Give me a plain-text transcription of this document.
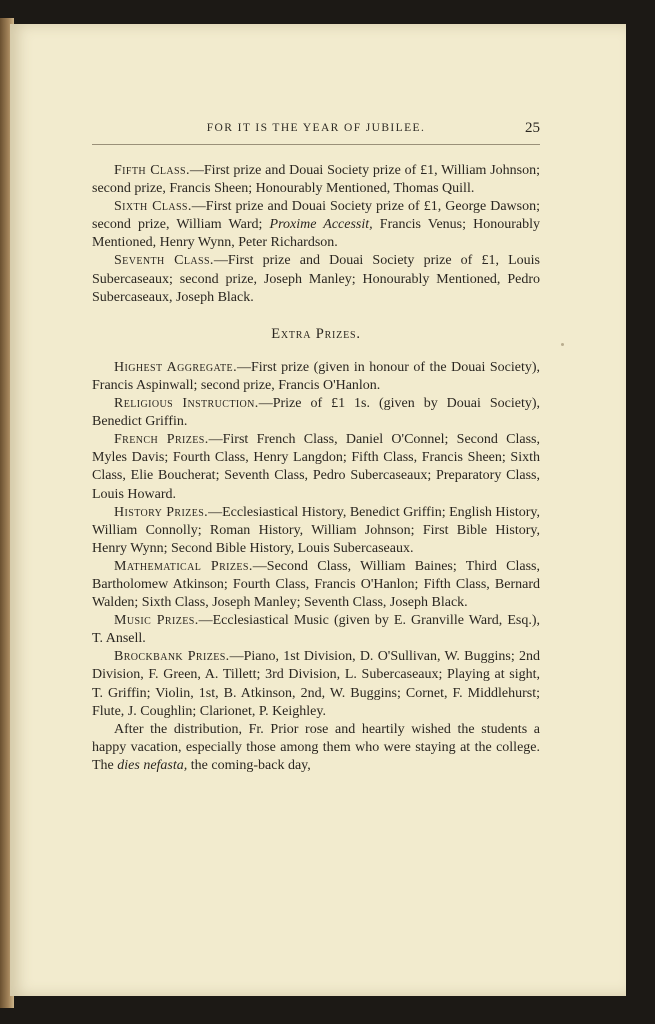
FOR IT IS THE YEAR OF JUBILEE.	25

Fifth Class.—First prize and Douai Society prize of £1, William Johnson; second prize, Francis Sheen; Honourably Mentioned, Thomas Quill.

Sixth Class.—First prize and Douai Society prize of £1, George Dawson; second prize, William Ward; Proxime Accessit, Francis Venus; Honourably Mentioned, Henry Wynn, Peter Richardson.

Seventh Class.—First prize and Douai Society prize of £1, Louis Subercaseaux; second prize, Joseph Manley; Honourably Mentioned, Pedro Subercaseaux, Joseph Black.

Extra Prizes.

Highest Aggregate.—First prize (given in honour of the Douai Society), Francis Aspinwall; second prize, Francis O'Hanlon.

Religious Instruction.—Prize of £1 1s. (given by Douai Society), Benedict Griffin.

French Prizes.—First French Class, Daniel O'Connel; Second Class, Myles Davis; Fourth Class, Henry Langdon; Fifth Class, Francis Sheen; Sixth Class, Elie Boucherat; Seventh Class, Pedro Subercaseaux; Preparatory Class, Louis Howard.

History Prizes.—Ecclesiastical History, Benedict Griffin; English History, William Connolly; Roman History, William Johnson; First Bible History, Henry Wynn; Second Bible History, Louis Subercaseaux.

Mathematical Prizes.—Second Class, William Baines; Third Class, Bartholomew Atkinson; Fourth Class, Francis O'Hanlon; Fifth Class, Bernard Walden; Sixth Class, Joseph Manley; Seventh Class, Joseph Black.

Music Prizes.—Ecclesiastical Music (given by E. Granville Ward, Esq.), T. Ansell.

Brockbank Prizes.—Piano, 1st Division, D. O'Sullivan, W. Buggins; 2nd Division, F. Green, A. Tillett; 3rd Division, L. Subercaseaux; Playing at sight, T. Griffin; Violin, 1st, B. Atkinson, 2nd, W. Buggins; Cornet, F. Middlehurst; Flute, J. Coughlin; Clarionet, P. Keighley.

After the distribution, Fr. Prior rose and heartily wished the students a happy vacation, especially those among them who were staying at the college. The dies nefasta, the coming-back day,
